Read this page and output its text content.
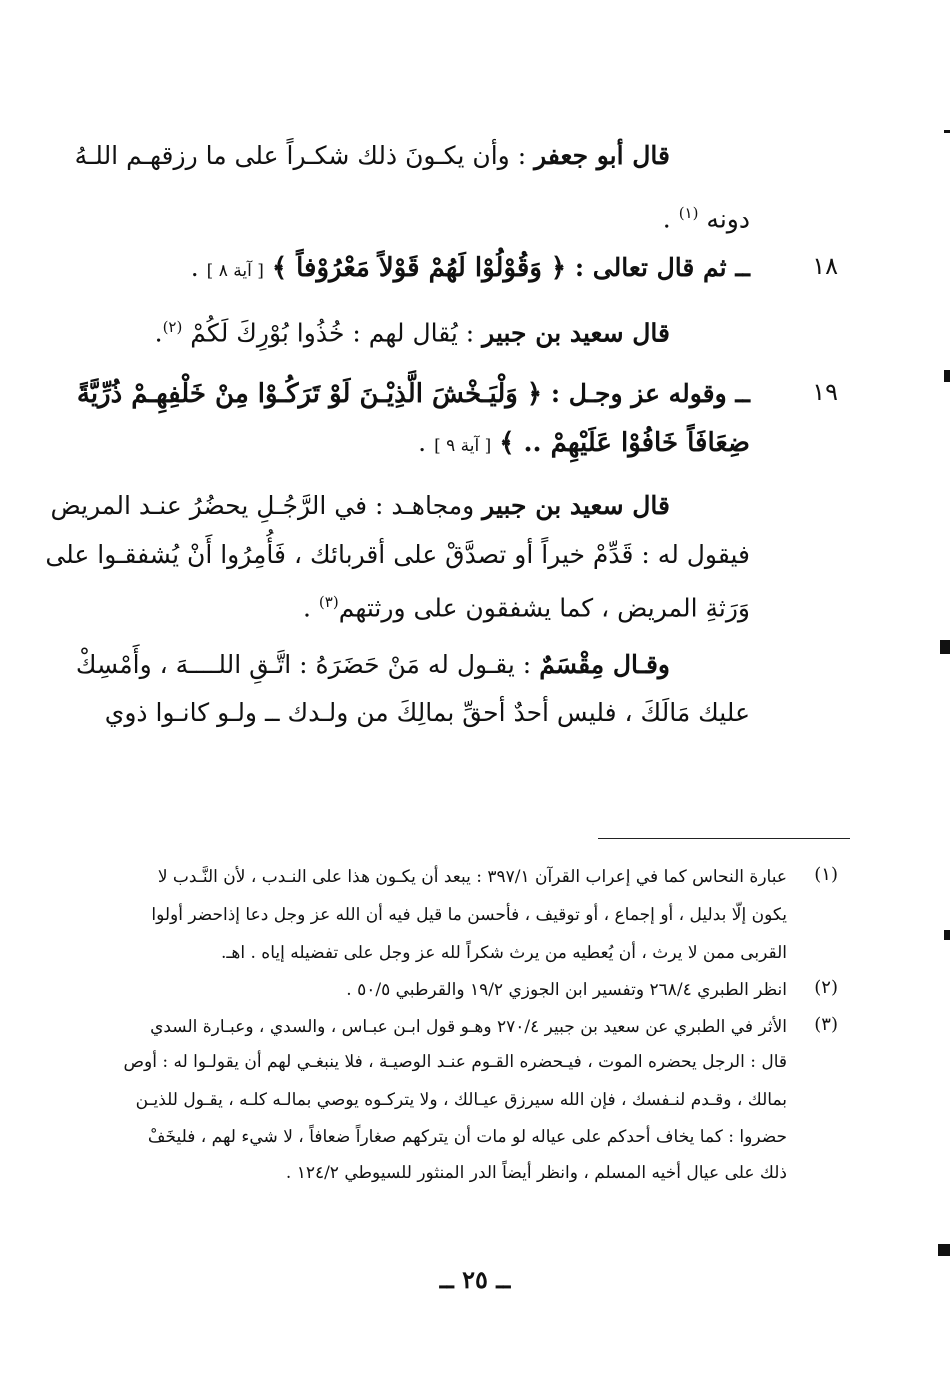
قال أبو جعفر : وأن يكـونَ ذلك شكـراً على ما رزقهـم اللـهُ
دونه $^{(١)}$ .
١٨
ــ ثم قال تعالى : ﴿ وَقُوْلُوْا لَهُمْ قَوْلاً مَعْرُوْفاً ﴾ [ آية ٨ ] .
قال سعيد بن جبير : يُقال لهم : خُذُوا بُوْرِكَ لَكُمْ $^{(٢)}$.
١٩
ــ وقوله عز وجـل : ﴿ وَلْيَـخْشَ الَّذِيْـنَ لَوْ تَرَكُـوْا مِنْ خَلْفِهِـمْ ذُرِّيَّةً
ضِعَافَاً خَافُوْا عَلَيْهِمْ .. ﴾ [ آية ٩ ] .
قال سعيد بن جبير ومجاهـد : في الرَّجُـلِ يحضُرُ عنـد المريض
فيقول له : قَدِّمْ خيراً أو تصدَّقْ على أقربائك ، فَأُمِرُوا أَنْ يُشفقـوا على
وَرَثةِ المريض ، كما يشفقون على ورثتهم$^{(٣)}$ .
وقـال مِقْسَمٌ : يقـول له مَنْ حَضَرَهُ : اتَّـقِ اللــــهَ ، وأَمْسِكْ
عليك مَالَكَ ، فليس أحدٌ أحقِّ بمالِكَ من ولـدك ــ ولـو كانـوا ذوي
(١)
عبارة النحاس كما في إعراب القرآن ٣٩٧/١ : يبعد أن يكـون هذا على النـدب ، لأن النَّـدب لا
يكون إلّا بدليل ، أو إجماع ، أو توقيف ، فأحسن ما قيل فيه أن الله عز وجل دعا إذاحضر أولوا
القربى ممن لا يرث ، أن يُعطيه من يرث شكراً لله عز وجل على تفضيله إياه . اهـ.
(٢)
انظر الطبري ٢٦٨/٤ وتفسير ابن الجوزي ١٩/٢ والقرطبي ٥٠/٥ .
(٣)
الأثر في الطبري عن سعيد بن جبير ٢٧٠/٤ وهـو قول ابـن عبـاس ، والسدي ، وعبـارة السدي
قال : الرجل يحضره الموت ، فيـحضره القـوم عنـد الوصيـة ، فلا ينبغـي لهم أن يقولـوا له : أوص
بمالك ، وقـدم لنـفسك ، فإن الله سيرزق عيـالك ، ولا يتركـوه يوصي بمالـه كلـه ، يقـول للذيـن
حضروا : كما يخاف أحدكم على عياله لو مات أن يتركهم صغاراً ضعافاً ، لا شيء لهم ، فليخَفْ
ذلك على عيال أخيه المسلم ، وانظر أيضاً الدر المنثور للسيوطي ١٢٤/٢ .
ــ ٢٥ ــ
